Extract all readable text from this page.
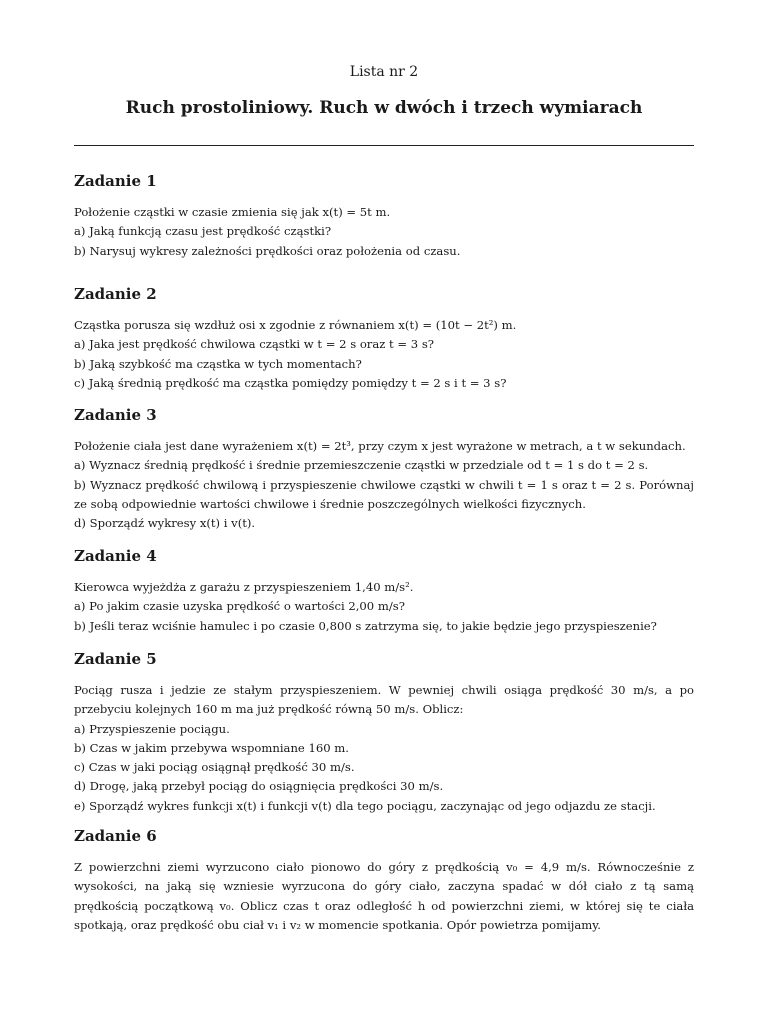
Lista nr 2
Ruch prostoliniowy. Ruch w dwóch i trzech wymiarach
Zadanie 1

Położenie cząstki w czasie zmienia się jak x(t) = 5t m.

a) Jaką funkcją czasu jest prędkość cząstki?

b) Narysuj wykresy zależności prędkości oraz położenia od czasu.

Zadanie 2

Cząstka porusza się wzdłuż osi x zgodnie z równaniem x(t) = (10t − 2t²) m.

a) Jaka jest prędkość chwilowa cząstki w t = 2 s oraz t = 3 s?

b) Jaką szybkość ma cząstka w tych momentach?

c) Jaką średnią prędkość ma cząstka pomiędzy pomiędzy t = 2 s i t = 3 s?

Zadanie 3

Położenie ciała jest dane wyrażeniem x(t) = 2t³, przy czym x jest wyrażone w metrach, a t w sekundach.

a) Wyznacz średnią prędkość i średnie przemieszczenie cząstki w przedziale od t = 1 s do t = 2 s.

b) Wyznacz prędkość chwilową i przyspieszenie chwilowe cząstki w chwili t = 1 s oraz t = 2 s. Porównaj ze sobą odpowiednie wartości chwilowe i średnie poszczególnych wielkości fizycznych.

d) Sporządź wykresy x(t) i v(t).

Zadanie 4

Kierowca wyjeżdża z garażu z przyspieszeniem 1,40 m/s².

a) Po jakim czasie uzyska prędkość o wartości 2,00 m/s?

b) Jeśli teraz wciśnie hamulec i po czasie 0,800 s zatrzyma się, to jakie będzie jego przyspieszenie?

Zadanie 5

Pociąg rusza i jedzie ze stałym przyspieszeniem. W pewniej chwili osiąga prędkość 30 m/s, a po przebyciu kolejnych 160 m ma już prędkość równą 50 m/s. Oblicz:

a) Przyspieszenie pociągu.

b) Czas w jakim przebywa wspomniane 160 m.

c) Czas w jaki pociąg osiągnął prędkość 30 m/s.

d) Drogę, jaką przebył pociąg do osiągnięcia prędkości 30 m/s.

e) Sporządź wykres funkcji x(t) i funkcji v(t) dla tego pociągu, zaczynając od jego odjazdu ze stacji.

Zadanie 6

Z powierzchni ziemi wyrzucono ciało pionowo do góry z prędkością v₀ = 4,9 m/s. Równocześnie z wysokości, na jaką się wzniesie wyrzucona do góry ciało, zaczyna spadać w dół ciało z tą samą prędkością początkową v₀. Oblicz czas t oraz odległość h od powierzchni ziemi, w której się te ciała spotkają, oraz prędkość obu ciał v₁ i v₂ w momencie spotkania. Opór powietrza pomijamy.
